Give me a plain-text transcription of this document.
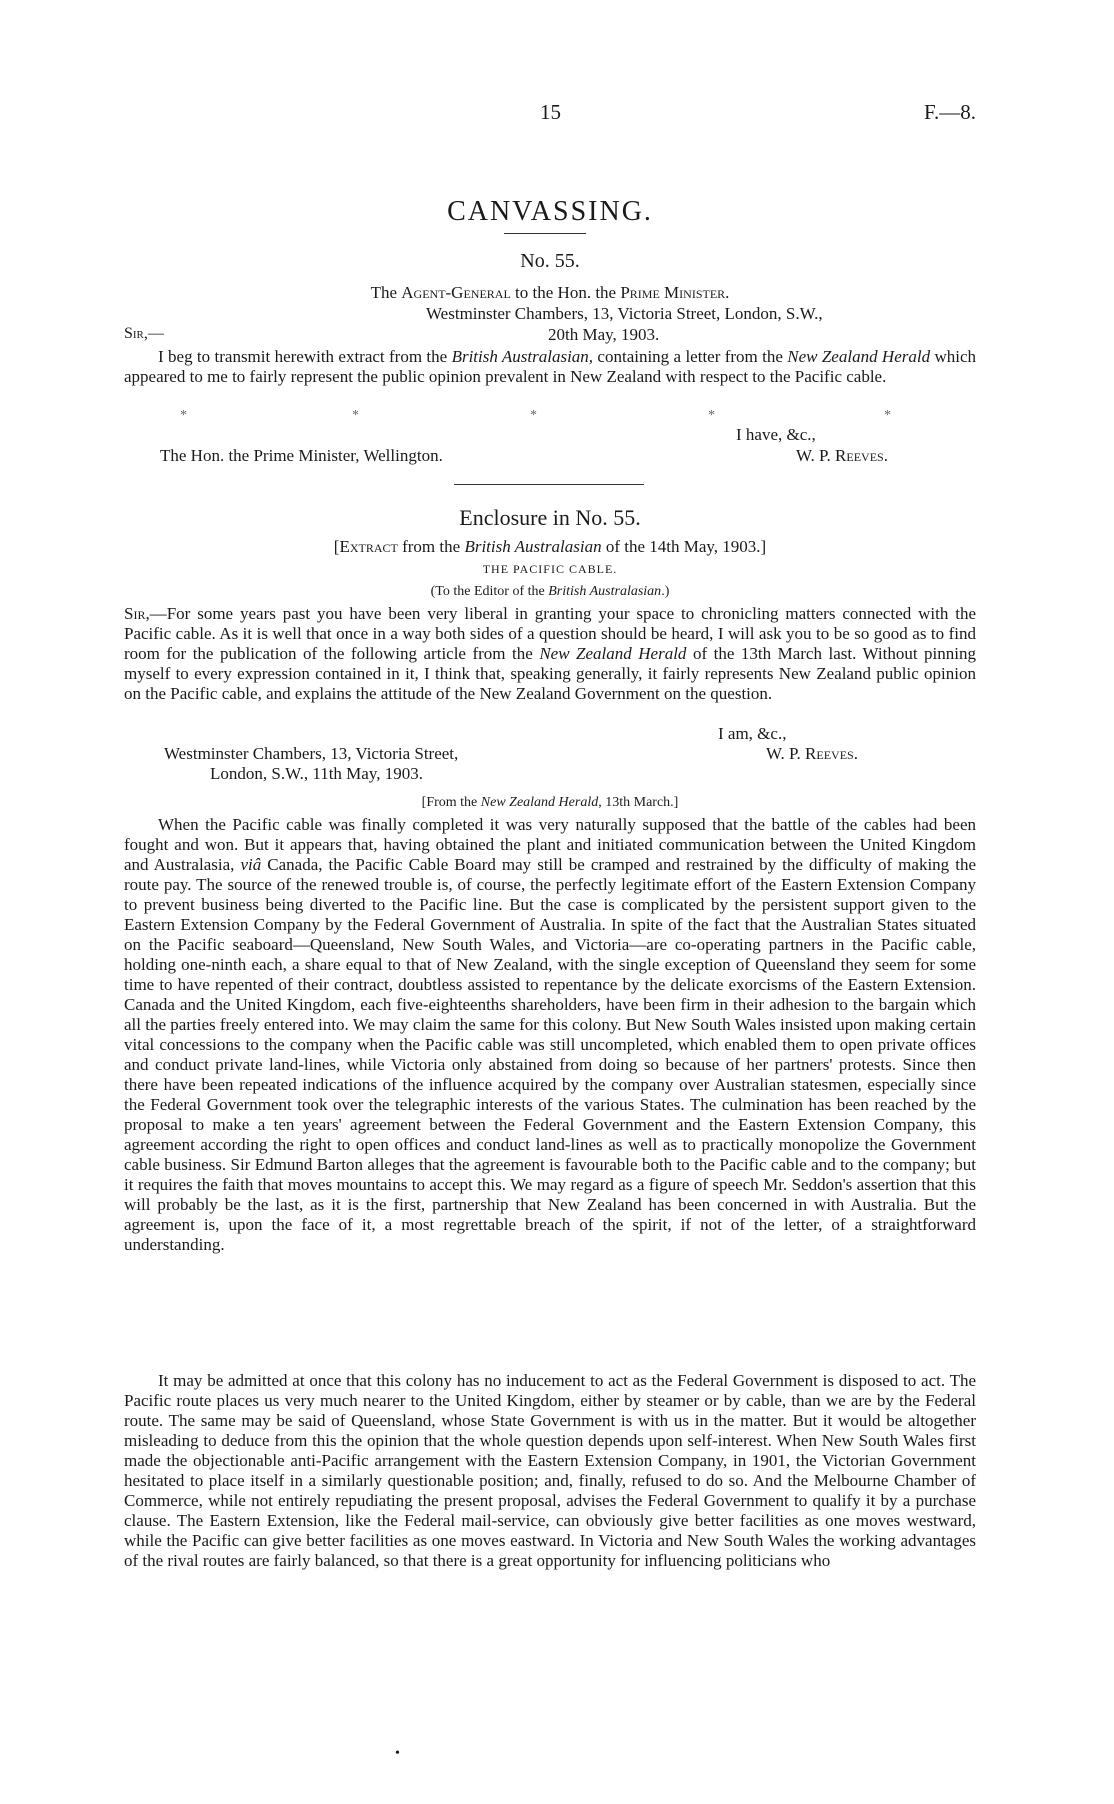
15	F.—8.
CANVASSING.
No. 55.
The Agent-General to the Hon. the Prime Minister.
Westminster Chambers, 13, Victoria Street, London, S.W.,
Sir,—	20th May, 1903.
  I beg to transmit herewith extract from the British Australasian, containing a letter from the New Zealand Herald which appeared to me to fairly represent the public opinion prevalent in New Zealand with respect to the Pacific cable.
*	*	*	*	*
I have, &c.,
The Hon. the Prime Minister, Wellington.	W. P. Reeves.
Enclosure in No. 55.
[Extract from the British Australasian of the 14th May, 1903.]
THE PACIFIC CABLE.
(To the Editor of the British Australasian.)
Sir,—For some years past you have been very liberal in granting your space to chronicling matters connected with the Pacific cable. As it is well that once in a way both sides of a question should be heard, I will ask you to be so good as to find room for the publication of the following article from the New Zealand Herald of the 13th March last. Without pinning myself to every expression contained in it, I think that, speaking generally, it fairly represents New Zealand public opinion on the Pacific cable, and explains the attitude of the New Zealand Government on the question.
I am, &c.,
Westminster Chambers, 13, Victoria Street,	W. P. Reeves.
London, S.W., 11th May, 1903.
[From the New Zealand Herald, 13th March.]
  When the Pacific cable was finally completed it was very naturally supposed that the battle of the cables had been fought and won. But it appears that, having obtained the plant and initiated communication between the United Kingdom and Australasia, viâ Canada, the Pacific Cable Board may still be cramped and restrained by the difficulty of making the route pay. The source of the renewed trouble is, of course, the perfectly legitimate effort of the Eastern Extension Company to prevent business being diverted to the Pacific line. But the case is complicated by the persistent support given to the Eastern Extension Company by the Federal Government of Australia. In spite of the fact that the Australian States situated on the Pacific seaboard—Queensland, New South Wales, and Victoria—are co-operating partners in the Pacific cable, holding one-ninth each, a share equal to that of New Zealand, with the single exception of Queensland they seem for some time to have repented of their contract, doubtless assisted to repentance by the delicate exorcisms of the Eastern Extension. Canada and the United Kingdom, each five-eighteenths shareholders, have been firm in their adhesion to the bargain which all the parties freely entered into. We may claim the same for this colony. But New South Wales insisted upon making certain vital concessions to the company when the Pacific cable was still uncompleted, which enabled them to open private offices and conduct private land-lines, while Victoria only abstained from doing so because of her partners' protests. Since then there have been repeated indications of the influence acquired by the company over Australian statesmen, especially since the Federal Government took over the telegraphic interests of the various States. The culmination has been reached by the proposal to make a ten years' agreement between the Federal Government and the Eastern Extension Company, this agreement according the right to open offices and conduct land-lines as well as to practically monopolize the Government cable business. Sir Edmund Barton alleges that the agreement is favourable both to the Pacific cable and to the company; but it requires the faith that moves mountains to accept this. We may regard as a figure of speech Mr. Seddon's assertion that this will probably be the last, as it is the first, partnership that New Zealand has been concerned in with Australia. But the agreement is, upon the face of it, a most regrettable breach of the spirit, if not of the letter, of a straightforward understanding.
  It may be admitted at once that this colony has no inducement to act as the Federal Government is disposed to act. The Pacific route places us very much nearer to the United Kingdom, either by steamer or by cable, than we are by the Federal route. The same may be said of Queensland, whose State Government is with us in the matter. But it would be altogether misleading to deduce from this the opinion that the whole question depends upon self-interest. When New South Wales first made the objectionable anti-Pacific arrangement with the Eastern Extension Company, in 1901, the Victorian Government hesitated to place itself in a similarly questionable position; and, finally, refused to do so. And the Melbourne Chamber of Commerce, while not entirely repudiating the present proposal, advises the Federal Government to qualify it by a purchase clause. The Eastern Extension, like the Federal mail-service, can obviously give better facilities as one moves westward, while the Pacific can give better facilities as one moves eastward. In Victoria and New South Wales the working advantages of the rival routes are fairly balanced, so that there is a great opportunity for influencing politicians who
•
